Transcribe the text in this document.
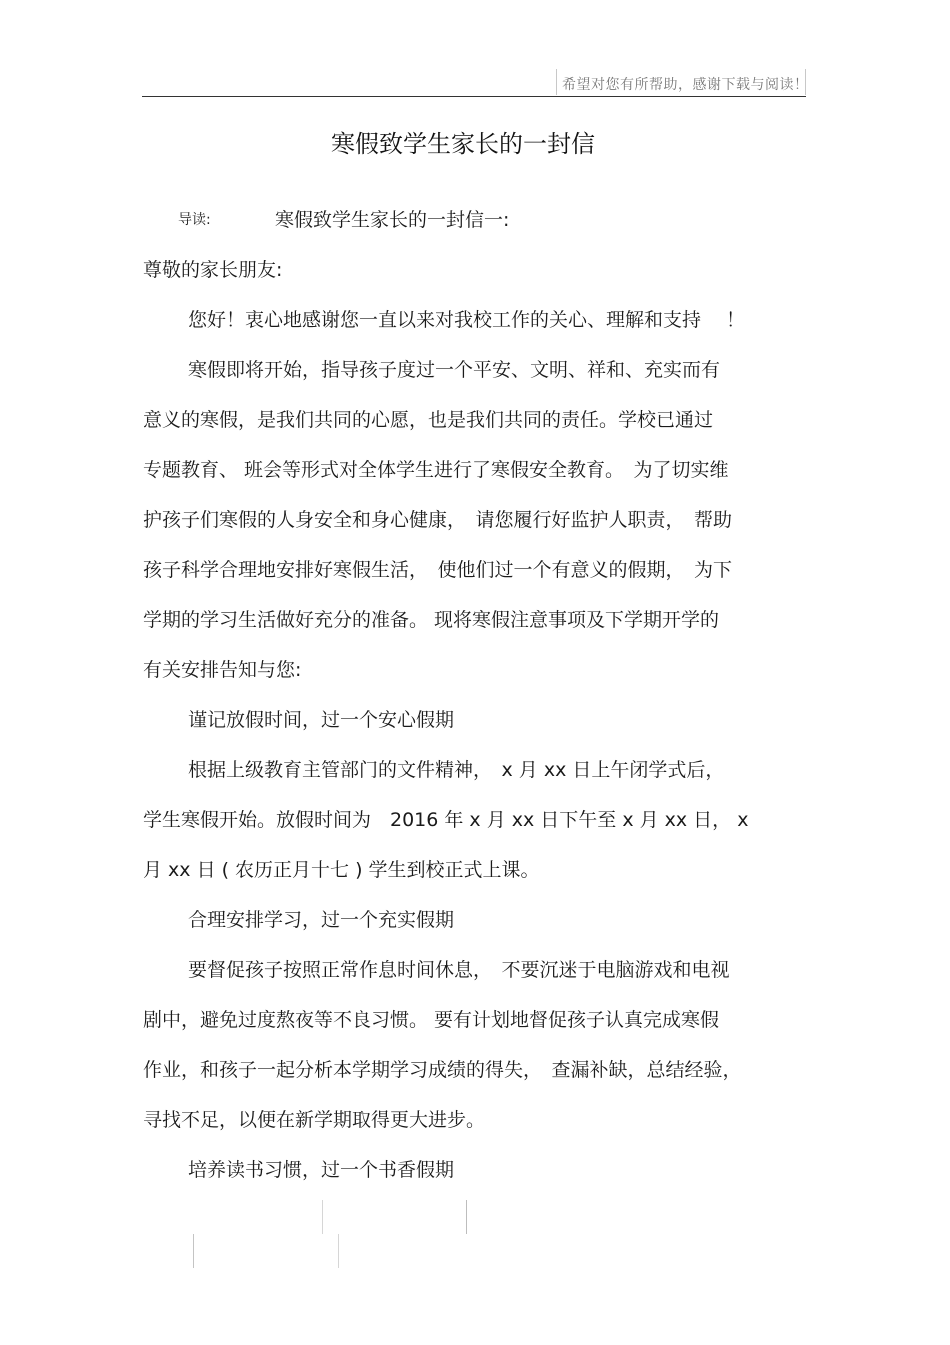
希望对您有所帮助，感谢下载与阅读！
寒假致学生家长的一封信
导读:	寒假致学生家长的一封信一:
尊敬的家长朋友:
您好！衷心地感谢您一直以来对我校工作的关心、理解和支持　 ！
寒假即将开始，指导孩子度过一个平安、文明、祥和、充实而有
意义的寒假，是我们共同的心愿，也是我们共同的责任。学校已通过
专题教育、 班会等形式对全体学生进行了寒假安全教育。　为了切实维
护孩子们寒假的人身安全和身心健康，　请您履行好监护人职责，　帮助
孩子科学合理地安排好寒假生活，　使他们过一个有意义的假期，　为下
学期的学习生活做好充分的准备。 现将寒假注意事项及下学期开学的
有关安排告知与您:
谨记放假时间，过一个安心假期
根据上级教育主管部门的文件精神，　x 月 xx 日上午闭学式后，
学生寒假开始。放假时间为　2016 年 x 月 xx 日下午至 x 月 xx 日， x
月 xx 日 ( 农历正月十七 ) 学生到校正式上课。
合理安排学习，过一个充实假期
要督促孩子按照正常作息时间休息，　不要沉迷于电脑游戏和电视
剧中，避免过度熬夜等不良习惯。 要有计划地督促孩子认真完成寒假
作业，和孩子一起分析本学期学习成绩的得失，　查漏补缺，总结经验，
寻找不足，以便在新学期取得更大进步。
培养读书习惯，过一个书香假期
